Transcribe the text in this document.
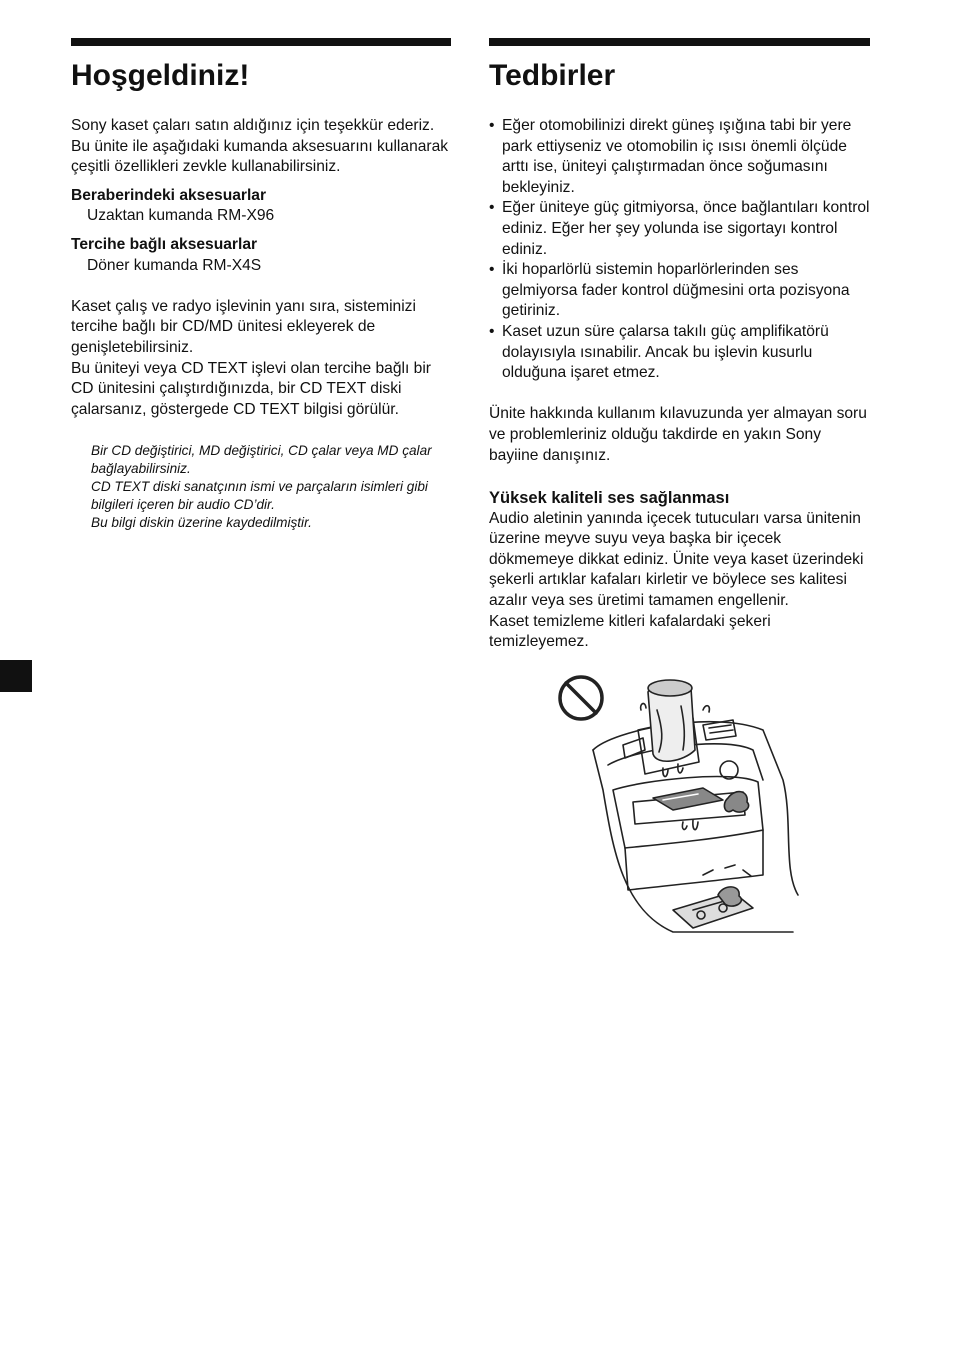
Hoşgeldiniz!

Sony kaset çaları satın aldığınız için teşekkür ederiz. Bu ünite ile aşağıdaki kumanda aksesuarını kullanarak çeşitli özellikleri zevkle kullanabilirsiniz.

Beraberindeki aksesuarlar

Uzaktan kumanda RM-X96

Tercihe bağlı aksesuarlar

Döner kumanda RM-X4S

Kaset çalış ve radyo işlevinin yanı sıra, sisteminizi tercihe bağlı bir CD/MD ünitesi ekleyerek de genişletebilirsiniz.

Bu üniteyi veya CD TEXT işlevi olan tercihe bağlı bir CD ünitesini çalıştırdığınızda, bir CD TEXT diski çalarsanız, göstergede CD TEXT bilgisi görülür.

Bir CD değiştirici, MD değiştirici, CD çalar veya MD çalar bağlayabilirsiniz.

CD TEXT diski sanatçının ismi ve parçaların isimleri gibi bilgileri içeren bir audio CD’dir.

Bu bilgi diskin üzerine kaydedilmiştir.

Tedbirler
• Eğer otomobilinizi direkt güneş ışığına tabi bir yere park ettiyseniz ve otomobilin iç ısısı önemli ölçüde arttı ise, üniteyi çalıştırmadan önce soğumasını bekleyiniz.
• Eğer üniteye güç gitmiyorsa, önce bağlantıları kontrol ediniz. Eğer her şey yolunda ise sigortayı kontrol ediniz.
• İki hoparlörlü sistemin hoparlörlerinden ses gelmiyorsa fader kontrol düğmesini orta pozisyona getiriniz.
• Kaset uzun süre çalarsa takılı güç amplifikatörü dolayısıyla ısınabilir. Ancak bu işlevin kusurlu olduğuna işaret etmez.

Ünite hakkında kullanım kılavuzunda yer almayan soru ve problemleriniz olduğu takdirde en yakın Sony bayiine danışınız.

Yüksek kaliteli ses sağlanması

Audio aletinin yanında içecek tutucuları varsa ünitenin üzerine meyve suyu veya başka bir içecek dökmemeye dikkat ediniz. Ünite veya kaset üzerindeki şekerli artıklar kafaları kirletir ve böylece ses kalitesi azalır veya ses üretimi tamamen engellenir.

Kaset temizleme kitleri kafalardaki şekeri temizleyemez.
